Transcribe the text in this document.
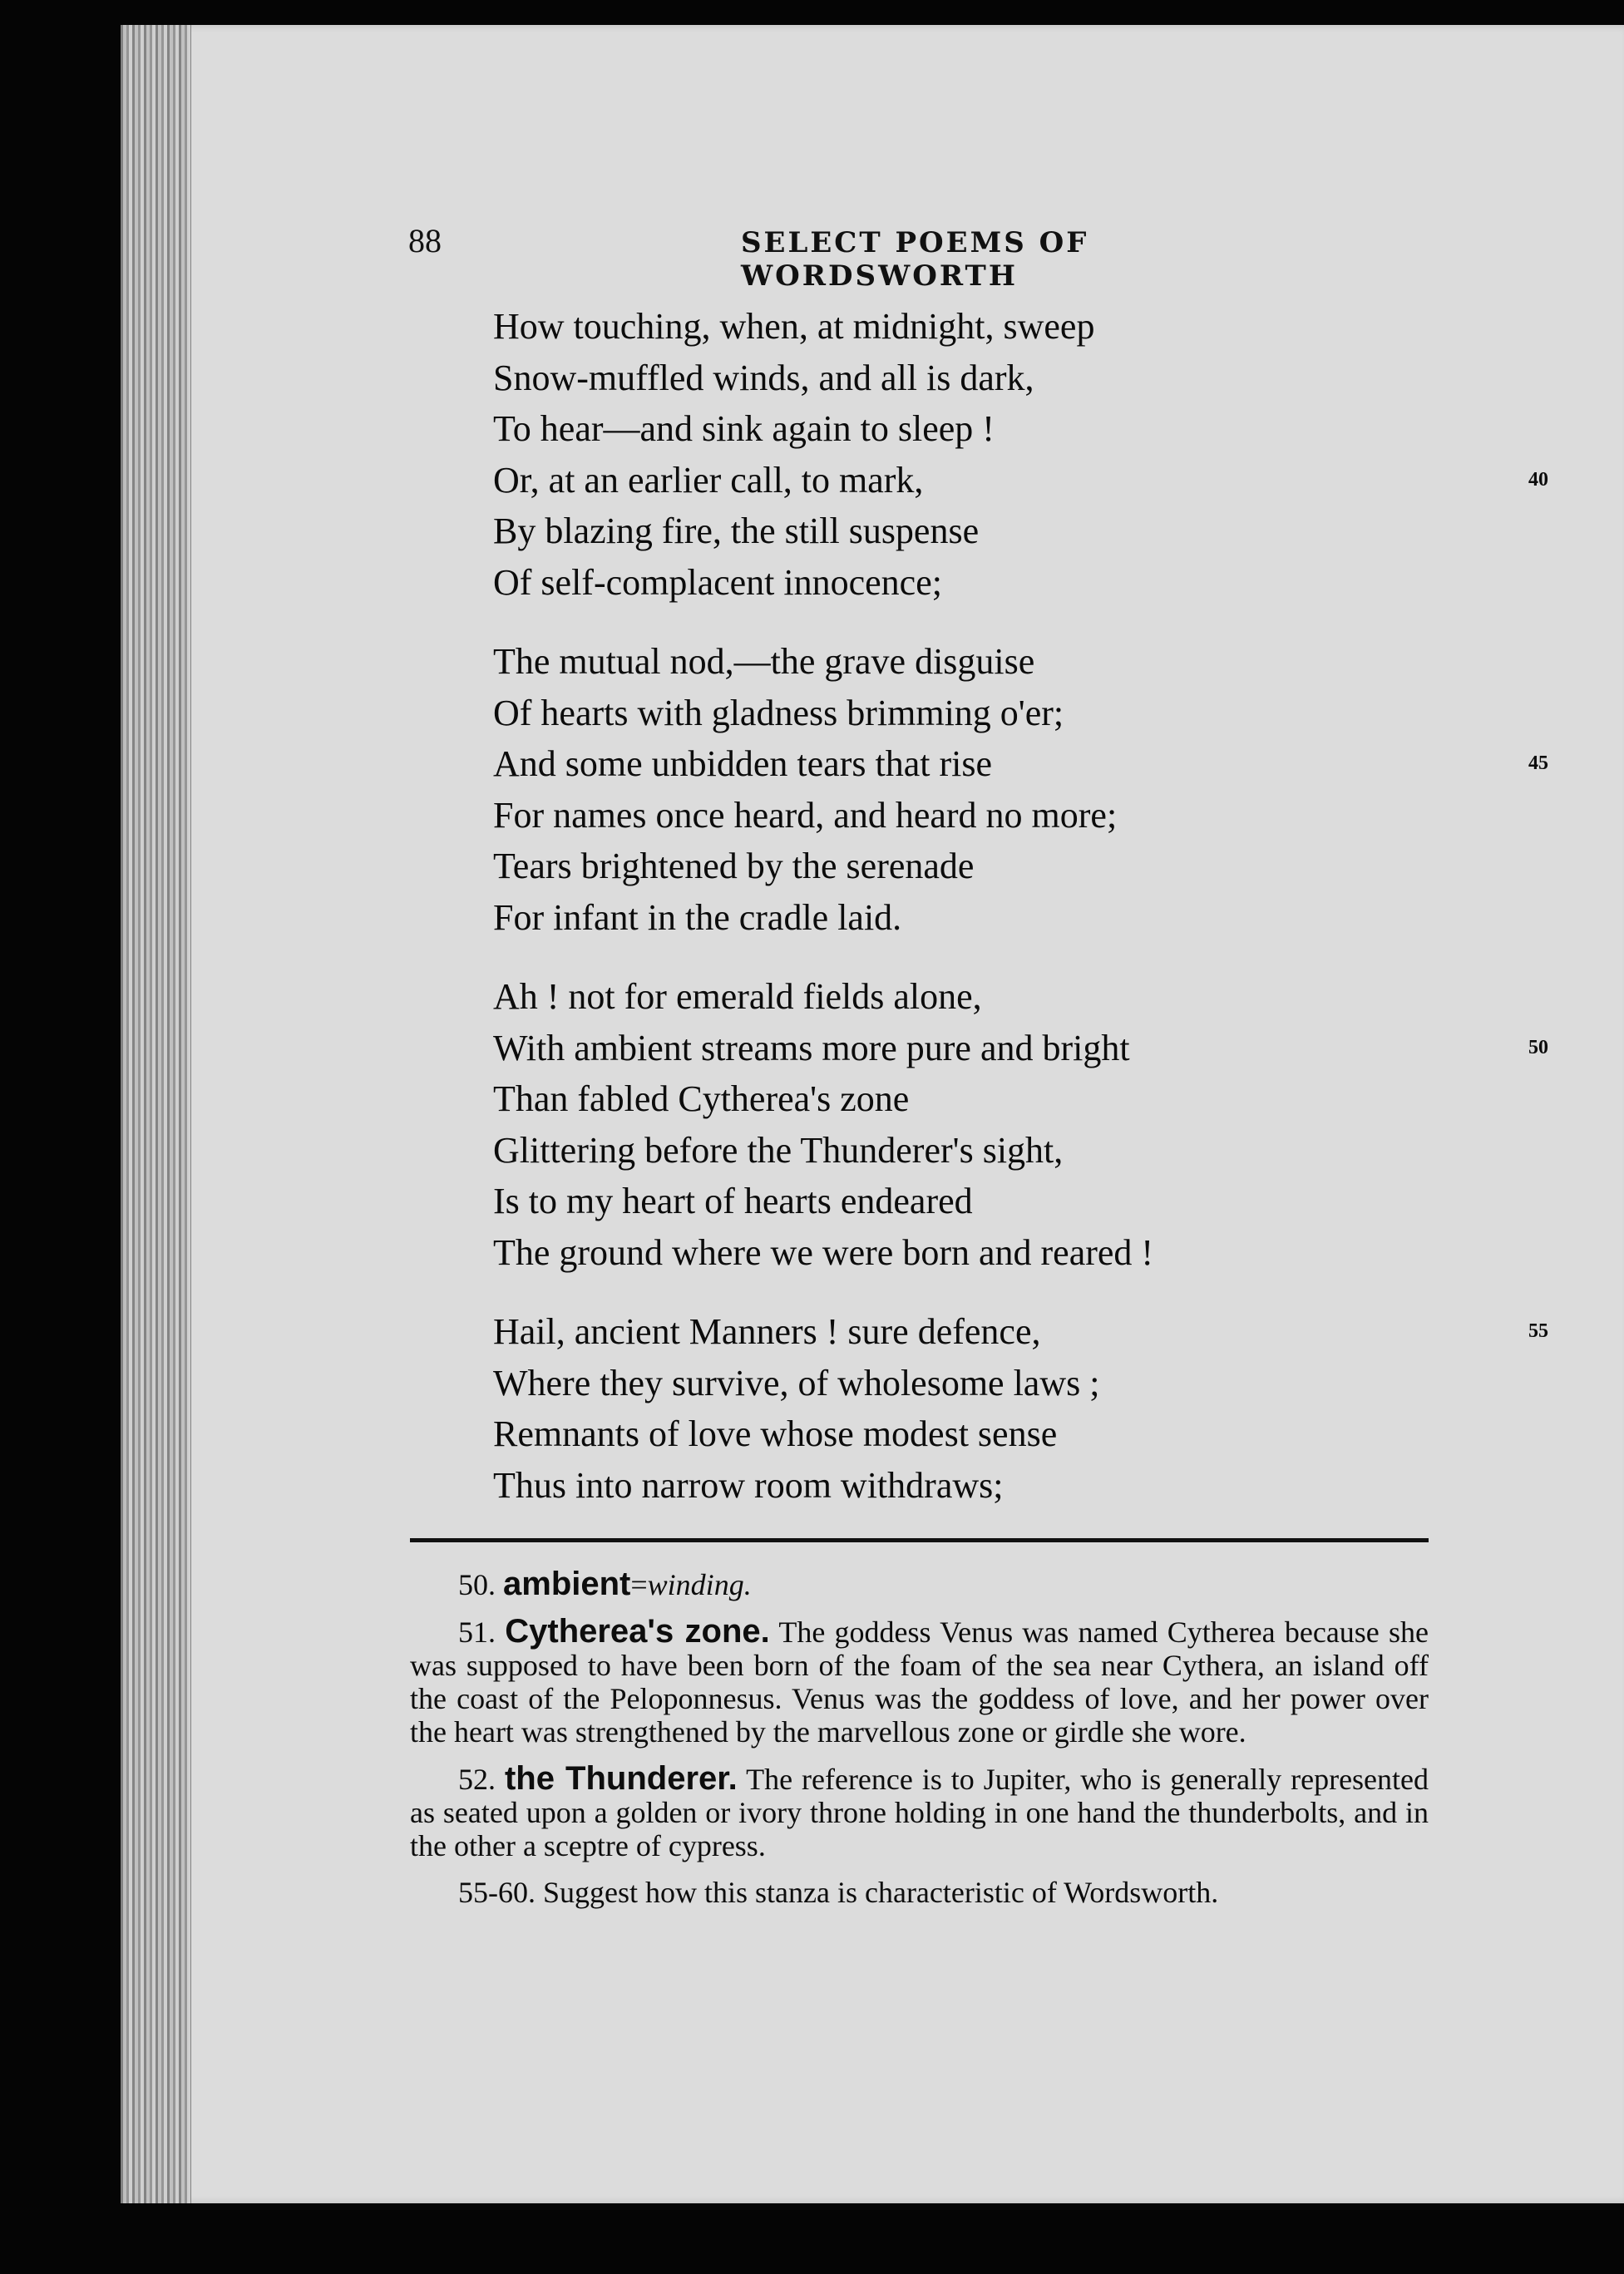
88	SELECT POEMS OF WORDSWORTH
How touching, when, at midnight, sweep
Snow-muffled winds, and all is dark,
To hear—and sink again to sleep !
Or, at an earlier call, to mark,	40
By blazing fire, the still suspense
Of self-complacent innocence;
The mutual nod,—the grave disguise
Of hearts with gladness brimming o'er;
And some unbidden tears that rise	45
For names once heard, and heard no more;
Tears brightened by the serenade
For infant in the cradle laid.
Ah ! not for emerald fields alone,
With ambient streams more pure and bright	50
Than fabled Cytherea's zone
Glittering before the Thunderer's sight,
Is to my heart of hearts endeared
The ground where we were born and reared !
Hail, ancient Manners ! sure defence,	55
Where they survive, of wholesome laws ;
Remnants of love whose modest sense
Thus into narrow room withdraws;
50. ambient=winding.
51. Cytherea's zone. The goddess Venus was named Cytherea because she was supposed to have been born of the foam of the sea near Cythera, an island off the coast of the Peloponnesus. Venus was the goddess of love, and her power over the heart was strengthened by the marvellous zone or girdle she wore.
52. the Thunderer. The reference is to Jupiter, who is generally represented as seated upon a golden or ivory throne holding in one hand the thunderbolts, and in the other a sceptre of cypress.
55-60. Suggest how this stanza is characteristic of Wordsworth.
